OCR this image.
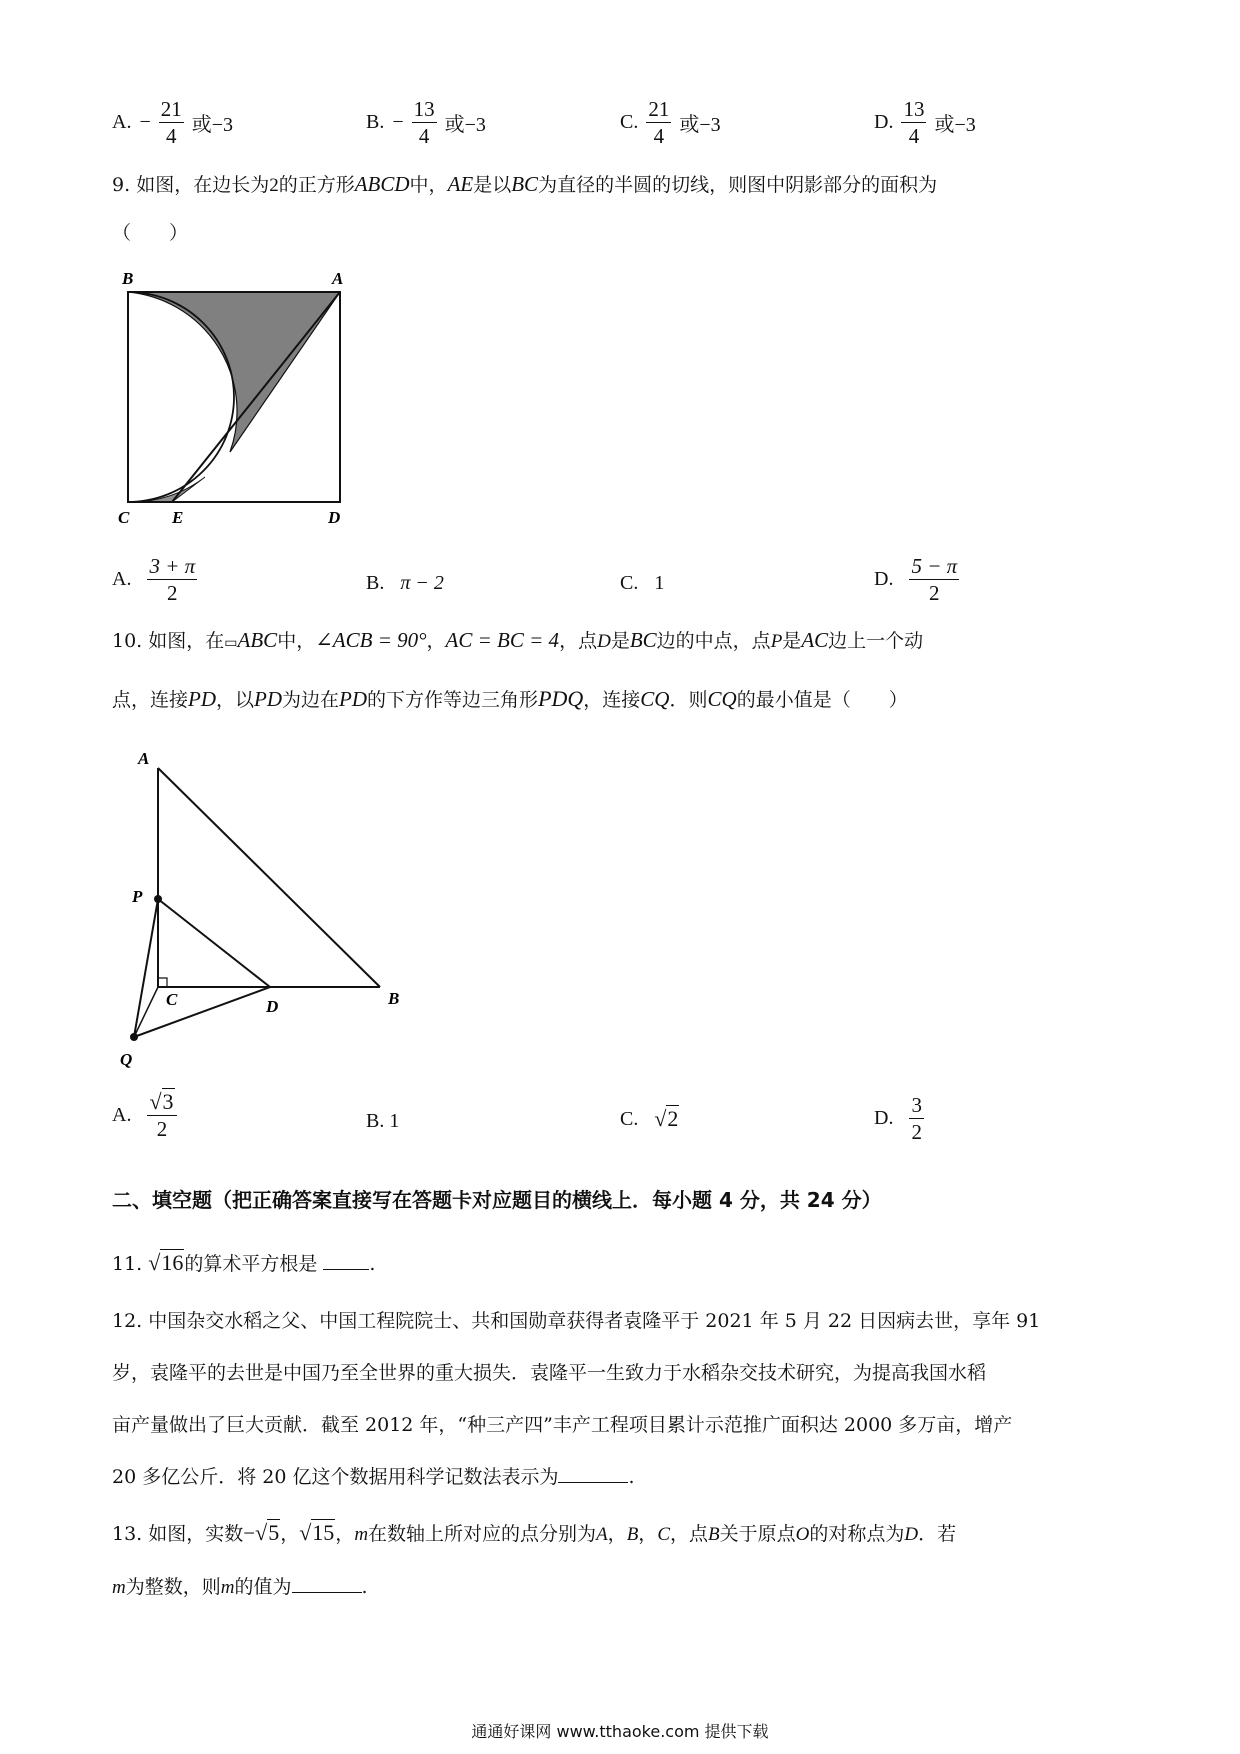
A. − $\frac{21}{4}$ 或−3	B. − $\frac{13}{4}$ 或−3	C. $\frac{21}{4}$ 或−3	D. $\frac{13}{4}$ 或−3
9. 如图，在边长为2的正方形ABCD中，AE是以BC为直径的半圆的切线，则图中阴影部分的面积为
（　　）
B	A
C	E	D
A. $\frac{3 + \pi}{2}$	B. π − 2	C. 1	D. $\frac{5 - \pi}{2}$
10. 如图，在▭ABC中，∠ACB = 90°，AC = BC = 4，点D是BC边的中点，点P是AC边上一个动
点，连接PD，以PD为边在PD的下方作等边三角形PDQ，连接CQ．则CQ的最小值是（　　）
A
P
C	D	B
Q
A. $\frac{√3}{2}$	B. 1	C. √2	D. $\frac{3}{2}$
二、填空题（把正确答案直接写在答题卡对应题目的横线上．每小题 4 分，共 24 分）
11. √16的算术平方根是	.
12. 中国杂交水稻之父、中国工程院院士、共和国勋章获得者袁隆平于 2021 年 5 月 22 日因病去世，享年 91
岁，袁隆平的去世是中国乃至全世界的重大损失．袁隆平一生致力于水稻杂交技术研究，为提高我国水稻
亩产量做出了巨大贡献．截至 2012 年，“种三产四”丰产工程项目累计示范推广面积达 2000 多万亩，增产
20 多亿公斤．将 20 亿这个数据用科学记数法表示为	.
13. 如图，实数−√5，√15，m在数轴上所对应的点分别为A，B，C，点B关于原点O的对称点为D．若
m为整数，则m的值为	.
通通好课网 www.tthaoke.com 提供下载
